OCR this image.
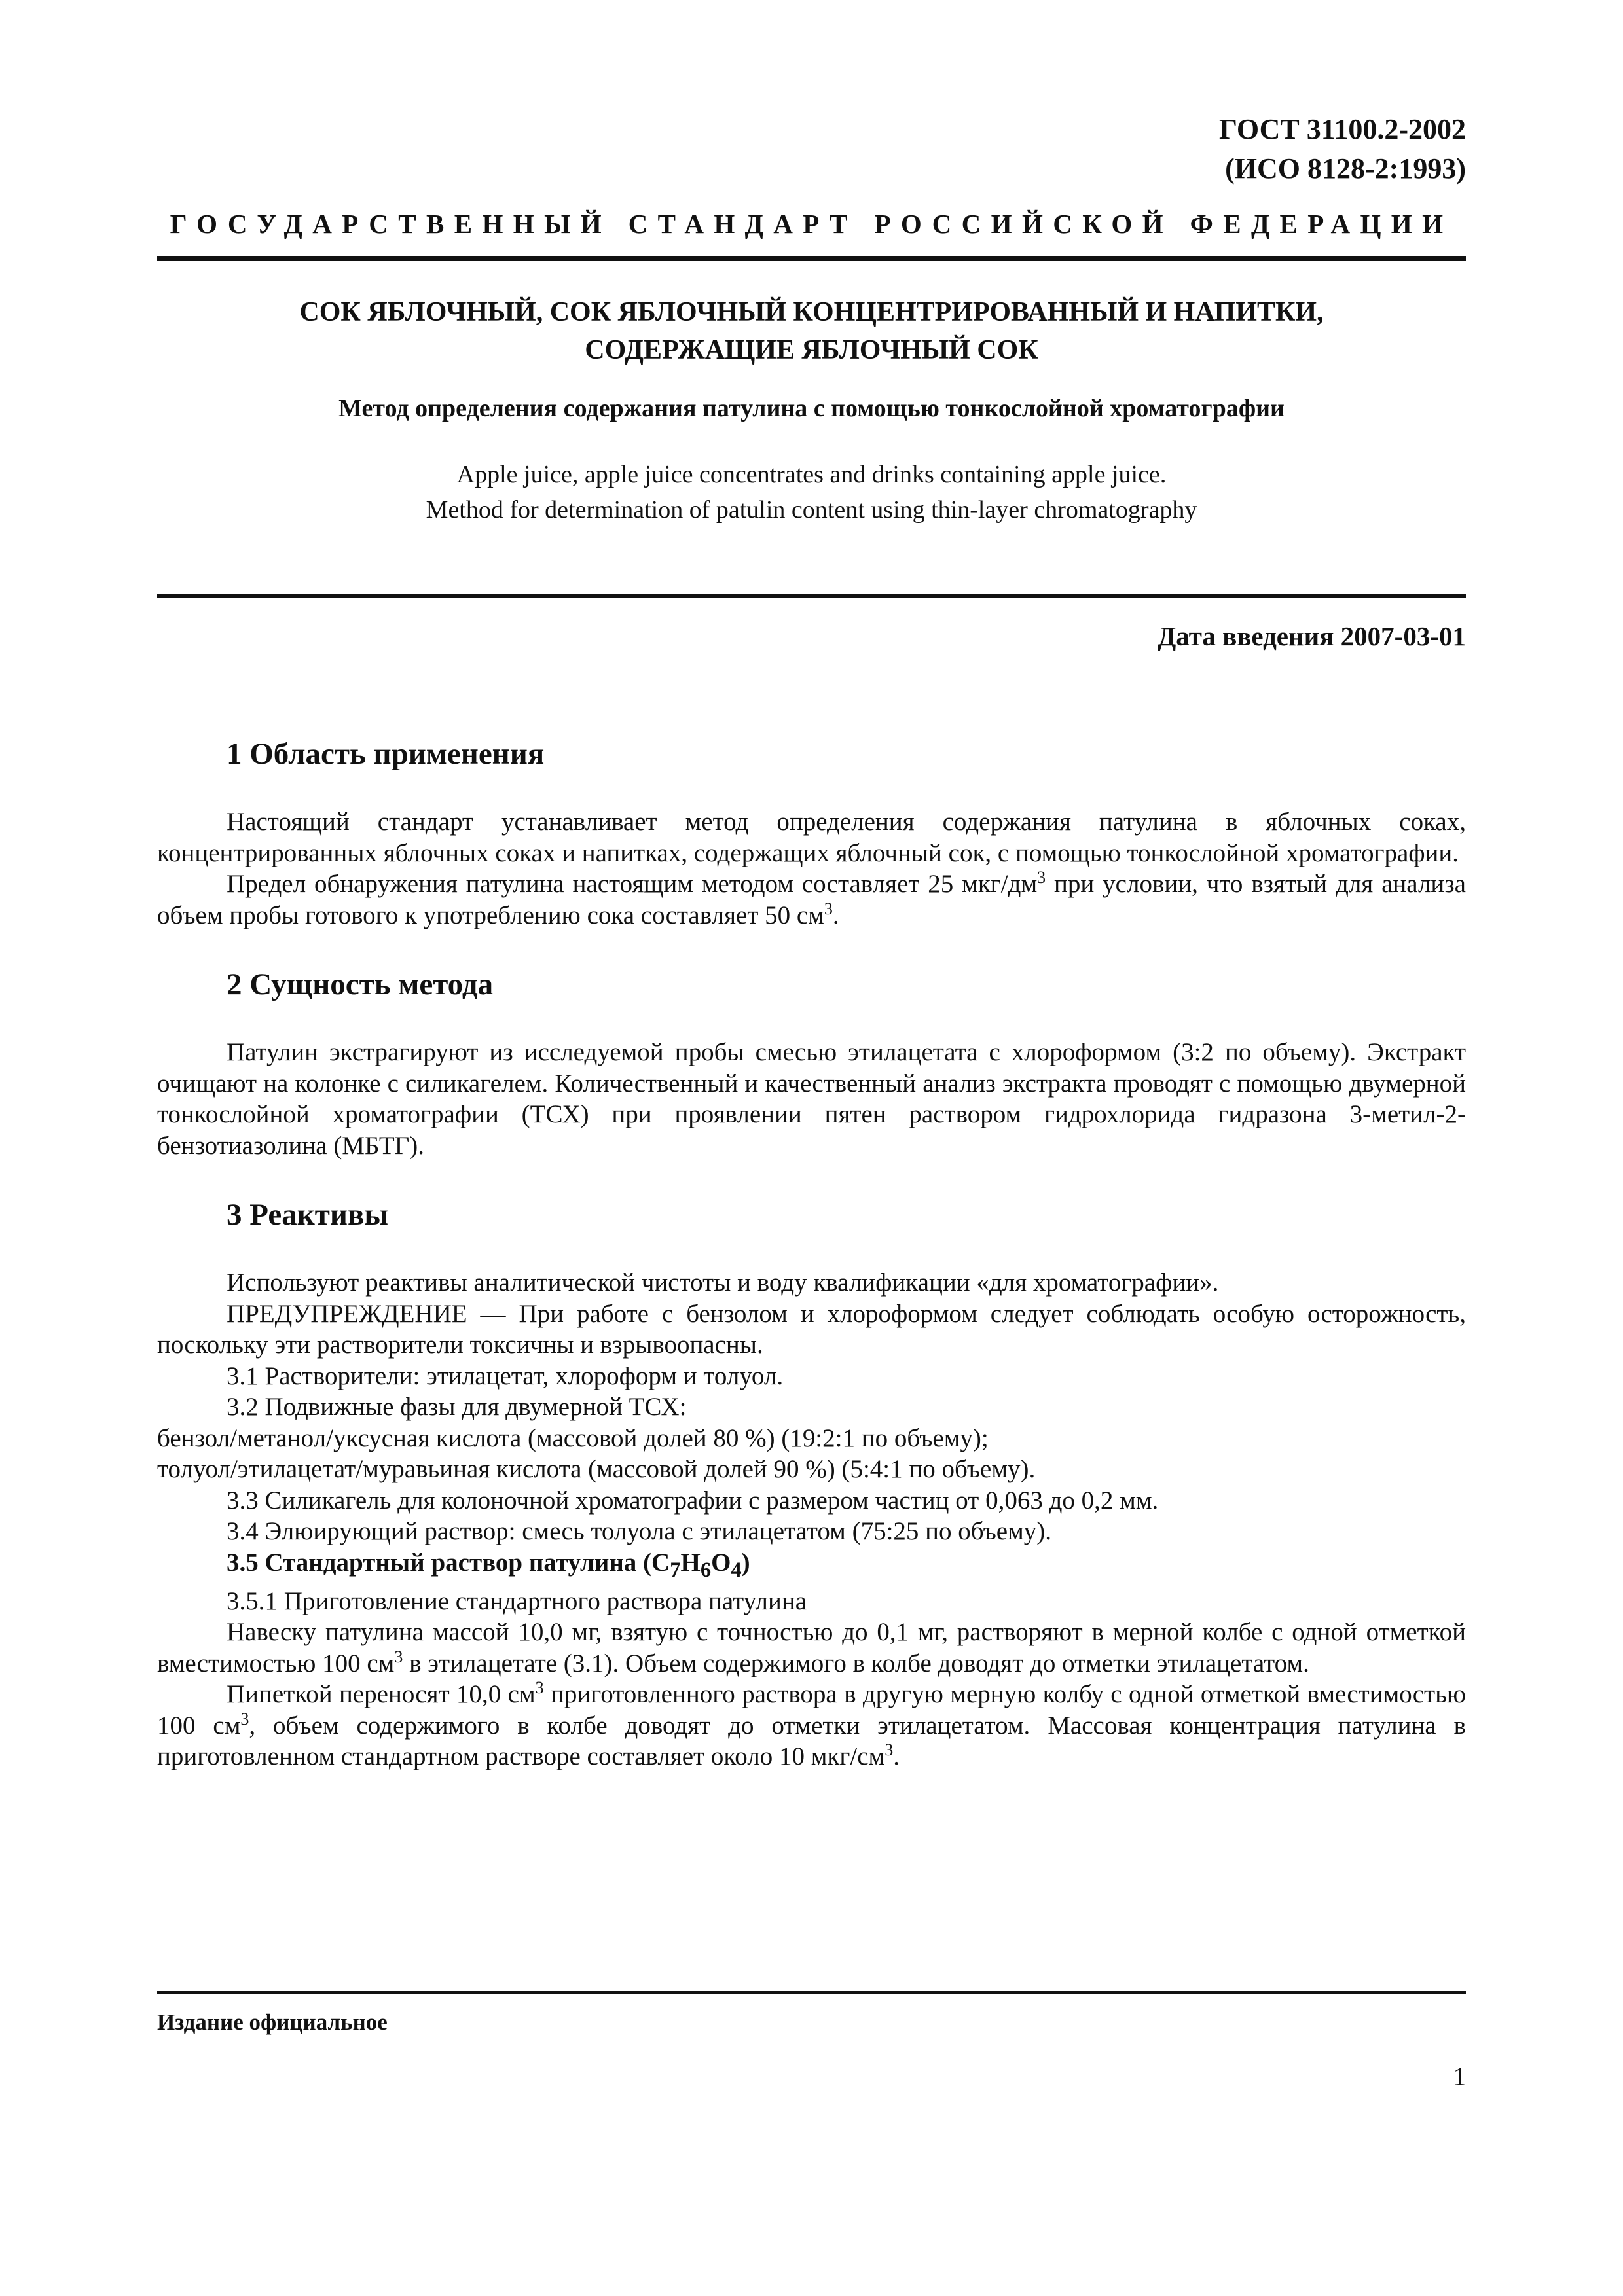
ГОСТ 31100.2-2002
(ИСО 8128-2:1993)
ГОСУДАРСТВЕННЫЙ СТАНДАРТ РОССИЙСКОЙ ФЕДЕРАЦИИ
СОК ЯБЛОЧНЫЙ, СОК ЯБЛОЧНЫЙ КОНЦЕНТРИРОВАННЫЙ И НАПИТКИ,
СОДЕРЖАЩИЕ ЯБЛОЧНЫЙ СОК
Метод определения содержания патулина с помощью тонкослойной хроматографии
Apple juice, apple juice concentrates and drinks containing apple juice.
Method for determination of patulin content using thin-layer chromatography
Дата введения 2007-03-01
1 Область применения

Настоящий стандарт устанавливает метод определения содержания патулина в яблочных соках, концентрированных яблочных соках и напитках, содержащих яблочный сок, с помощью тонкослойной хроматографии.

Предел обнаружения патулина настоящим методом составляет 25 мкг/$дм^3$ при условии, что взятый для анализа объем пробы готового к употреблению сока составляет 50 $см^3$.

2 Сущность метода

Патулин экстрагируют из исследуемой пробы смесью этилацетата с хлороформом (3:2 по объему). Экстракт очищают на колонке с силикагелем. Количественный и качественный анализ экстракта проводят с помощью двумерной тонкослойной хроматографии (ТСХ) при проявлении пятен раствором гидрохлорида гидразона 3-метил-2-бензотиазолина (МБТГ).

3 Реактивы

Используют реактивы аналитической чистоты и воду квалификации «для хроматографии».

ПРЕДУПРЕЖДЕНИЕ — При работе с бензолом и хлороформом следует соблюдать особую осторожность, поскольку эти растворители токсичны и взрывоопасны.

3.1 Растворители: этилацетат, хлороформ и толуол.

3.2 Подвижные фазы для двумерной ТСХ:

бензол/метанол/уксусная кислота (массовой долей 80 %) (19:2:1 по объему);

толуол/этилацетат/муравьиная кислота (массовой долей 90 %) (5:4:1 по объему).

3.3 Силикагель для колоночной хроматографии с размером частиц от 0,063 до 0,2 мм.

3.4 Элюирующий раствор: смесь толуола с этилацетатом (75:25 по объему).

3.5 Стандартный раствор патулина $(C_7H_6O_4)$

3.5.1 Приготовление стандартного раствора патулина

Навеску патулина массой 10,0 мг, взятую с точностью до 0,1 мг, растворяют в мерной колбе с одной отметкой вместимостью 100 $см^3$ в этилацетате (3.1). Объем содержимого в колбе доводят до отметки этилацетатом.

Пипеткой переносят 10,0 $см^3$ приготовленного раствора в другую мерную колбу с одной отметкой вместимостью 100 $см^3$, объем содержимого в колбе доводят до отметки этилацетатом. Массовая концентрация патулина в приготовленном стандартном растворе составляет около 10 мкг/$см^3$.

Издание официальное
1
